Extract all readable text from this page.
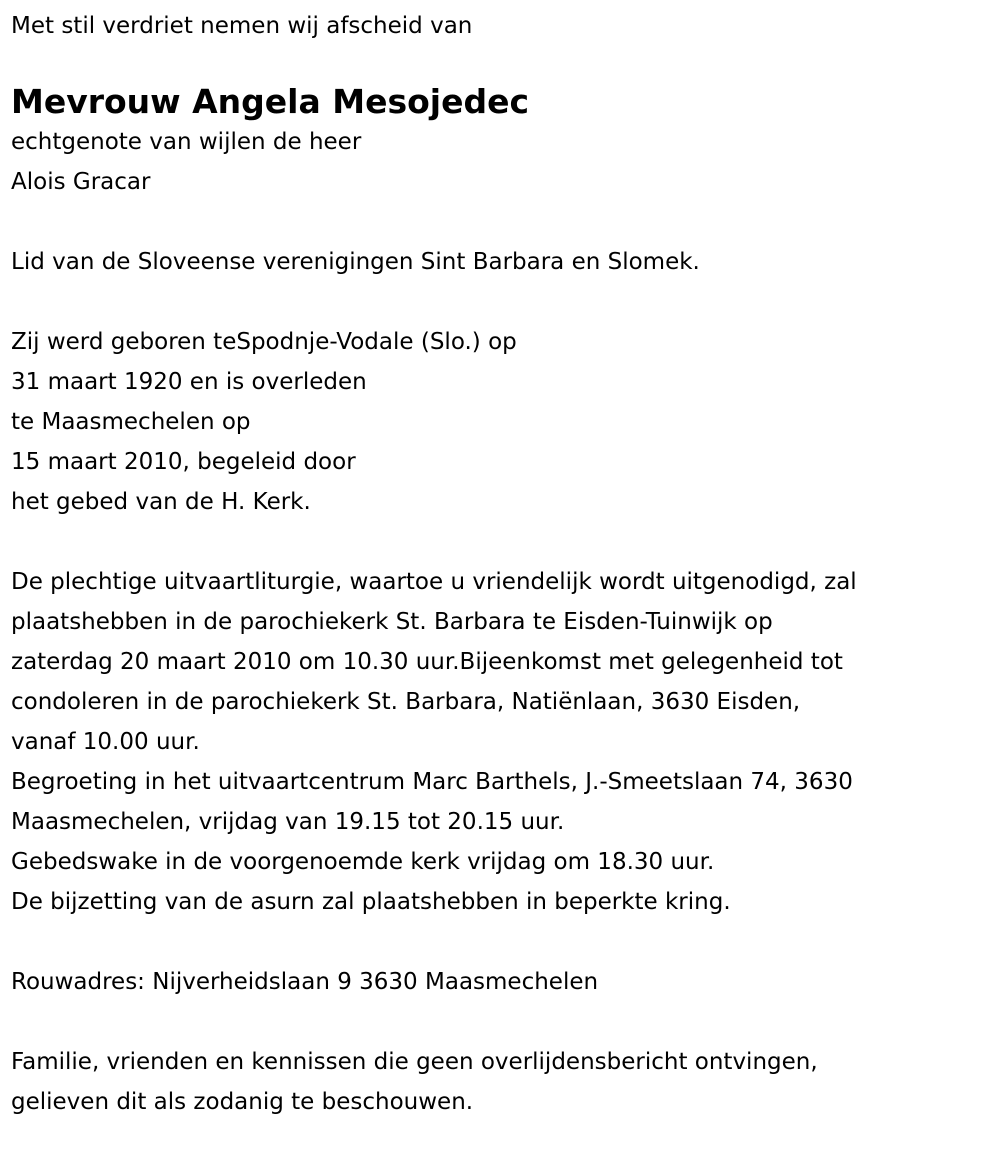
Met stil verdriet nemen wij afscheid van
Mevrouw Angela Mesojedec
echtgenote van wijlen de heer
Alois Gracar
Lid van de Sloveense verenigingen Sint Barbara en Slomek.
Zij werd geboren teSpodnje-Vodale (Slo.) op
31 maart 1920 en is overleden
te Maasmechelen op
15 maart 2010, begeleid door
het gebed van de H. Kerk.
De plechtige uitvaartliturgie, waartoe u vriendelijk wordt uitgenodigd, zal
plaatshebben in de parochiekerk St. Barbara te Eisden-Tuinwijk op
zaterdag 20 maart 2010 om 10.30 uur.Bijeenkomst met gelegenheid tot
condoleren in de parochiekerk St. Barbara, Natiënlaan, 3630 Eisden,
vanaf 10.00 uur.
Begroeting in het uitvaartcentrum Marc Barthels, J.-Smeetslaan 74, 3630
Maasmechelen, vrijdag van 19.15 tot 20.15 uur.
Gebedswake in de voorgenoemde kerk vrijdag om 18.30 uur.
De bijzetting van de asurn zal plaatshebben in beperkte kring.
Rouwadres: Nijverheidslaan 9 3630 Maasmechelen
Familie, vrienden en kennissen die geen overlijdensbericht ontvingen,
gelieven dit als zodanig te beschouwen.
